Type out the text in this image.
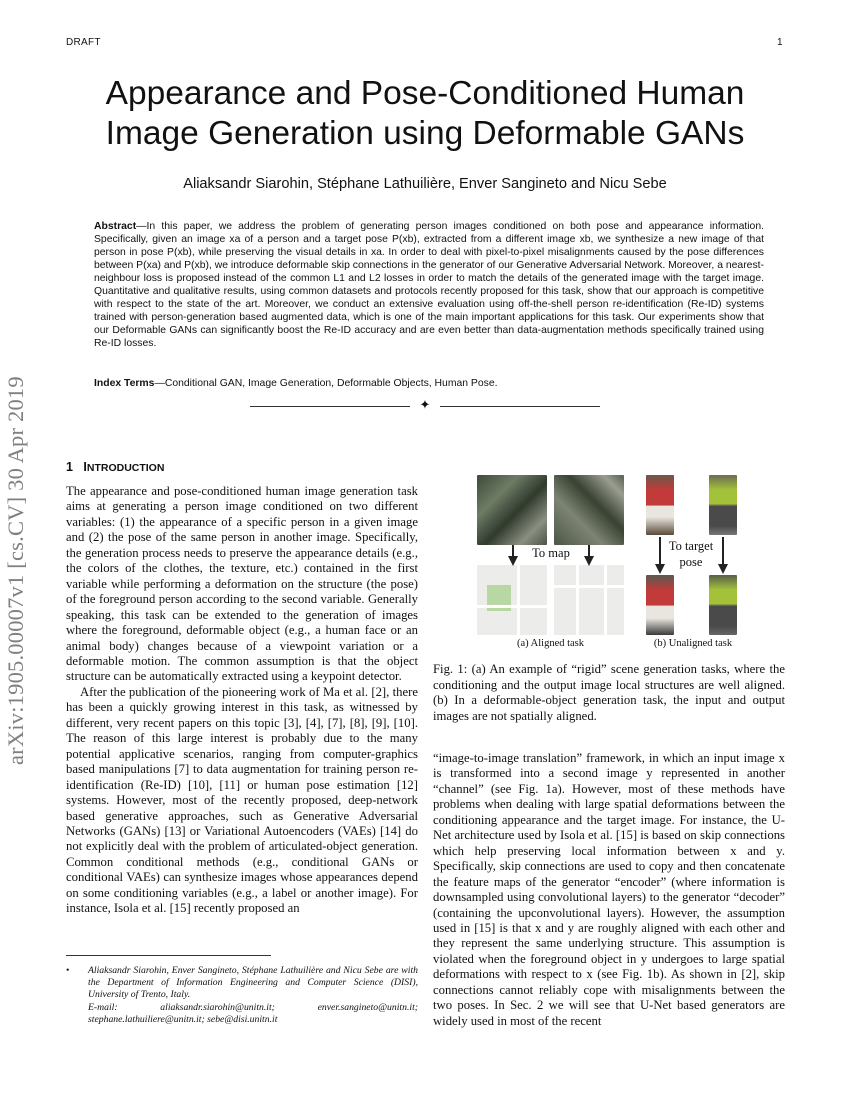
DRAFT	1
arXiv:1905.00007v1 [cs.CV] 30 Apr 2019
Appearance and Pose-Conditioned Human
Image Generation using Deformable GANs
Aliaksandr Siarohin, Stéphane Lathuilière, Enver Sangineto and Nicu Sebe
Abstract—In this paper, we address the problem of generating person images conditioned on both pose and appearance information. Specifically, given an image xa of a person and a target pose P(xb), extracted from a different image xb, we synthesize a new image of that person in pose P(xb), while preserving the visual details in xa. In order to deal with pixel-to-pixel misalignments caused by the pose differences between P(xa) and P(xb), we introduce deformable skip connections in the generator of our Generative Adversarial Network. Moreover, a nearest-neighbour loss is proposed instead of the common L1 and L2 losses in order to match the details of the generated image with the target image. Quantitative and qualitative results, using common datasets and protocols recently proposed for this task, show that our approach is competitive with respect to the state of the art. Moreover, we conduct an extensive evaluation using off-the-shell person re-identification (Re-ID) systems trained with person-generation based augmented data, which is one of the main important applications for this task. Our experiments show that our Deformable GANs can significantly boost the Re-ID accuracy and are even better than data-augmentation methods specifically trained using Re-ID losses.
Index Terms—Conditional GAN, Image Generation, Deformable Objects, Human Pose.
✦
1 INTRODUCTION

The appearance and pose-conditioned human image generation task aims at generating a person image conditioned on two different variables: (1) the appearance of a specific person in a given image and (2) the pose of the same person in another image. Specifically, the generation process needs to preserve the appearance details (e.g., the colors of the clothes, the texture, etc.) contained in the first variable while performing a deformation on the structure (the pose) of the foreground person according to the second variable. Generally speaking, this task can be extended to the generation of images where the foreground, deformable object (e.g., a human face or an animal body) changes because of a viewpoint variation or a deformable motion. The common assumption is that the object structure can be automatically extracted using a keypoint detector.

After the publication of the pioneering work of Ma et al. [2], there has been a quickly growing interest in this task, as witnessed by different, very recent papers on this topic [3], [4], [7], [8], [9], [10]. The reason of this large interest is probably due to the many potential applicative scenarios, ranging from computer-graphics based manipulations [7] to data augmentation for training person re-identification (Re-ID) [10], [11] or human pose estimation [12] systems. However, most of the recently proposed, deep-network based generative approaches, such as Generative Adversarial Networks (GANs) [13] or Variational Autoencoders (VAEs) [14] do not explicitly deal with the problem of articulated-object generation. Common conditional methods (e.g., conditional GANs or conditional VAEs) can synthesize images whose appearances depend on some conditioning variables (e.g., a label or another image). For instance, Isola et al. [15] recently proposed an

To map	To target
pose
(a) Aligned task	(b) Unaligned task
Fig. 1: (a) An example of “rigid” scene generation tasks, where the conditioning and the output image local structures are well aligned. (b) In a deformable-object generation task, the input and output images are not spatially aligned.

“image-to-image translation” framework, in which an input image x is transformed into a second image y represented in another “channel” (see Fig. 1a). However, most of these methods have problems when dealing with large spatial deformations between the conditioning appearance and the target image. For instance, the U-Net architecture used by Isola et al. [15] is based on skip connections which help preserving local information between x and y. Specifically, skip connections are used to copy and then concatenate the feature maps of the generator “encoder” (where information is downsampled using convolutional layers) to the generator “decoder” (containing the upconvolutional layers). However, the assumption used in [15] is that x and y are roughly aligned with each other and they represent the same underlying structure. This assumption is violated when the foreground object in y undergoes to large spatial deformations with respect to x (see Fig. 1b). As shown in [2], skip connections cannot reliably cope with misalignments between the two poses. In Sec. 2 we will see that U-Net based generators are widely used in most of the recent

•	Aliaksandr Siarohin, Enver Sangineto, Stéphane Lathuilière and Nicu Sebe are with the Department of Information Engineering and Computer Science (DISI), University of Trento, Italy.
E-mail: aliaksandr.siarohin@unitn.it; enver.sangineto@unitn.it;
stephane.lathuiliere@unitn.it; sebe@disi.unitn.it
